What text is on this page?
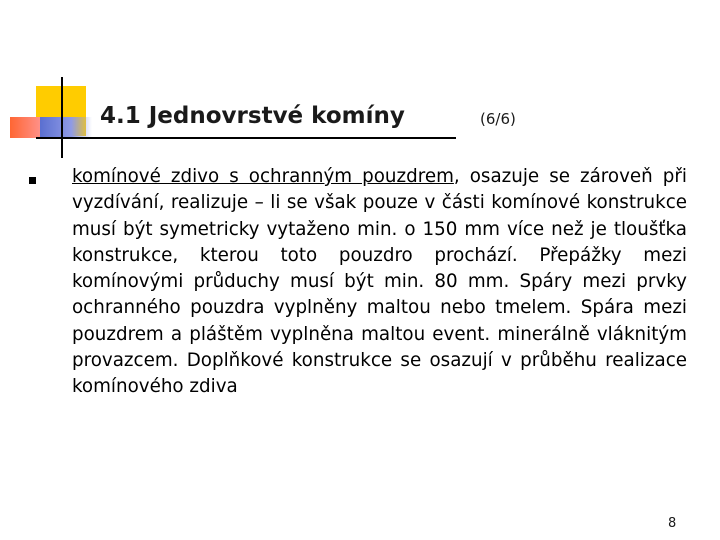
4.1 Jednovrstvé komíny	(6/6)
komínové zdivo s ochranným pouzdrem, osazuje se zároveň při vyzdívání, realizuje – li se však pouze v části komínové konstrukce musí být symetricky vytaženo min. o 150 mm více než je tloušťka konstrukce, kterou toto pouzdro prochází. Přepážky mezi komínovými průduchy musí být min. 80 mm. Spáry mezi prvky ochranného pouzdra vyplněny maltou nebo tmelem. Spára mezi pouzdrem a pláštěm vyplněna maltou event. minerálně vláknitým provazcem. Doplňkové konstrukce se osazují v průběhu realizace komínového zdiva
8
